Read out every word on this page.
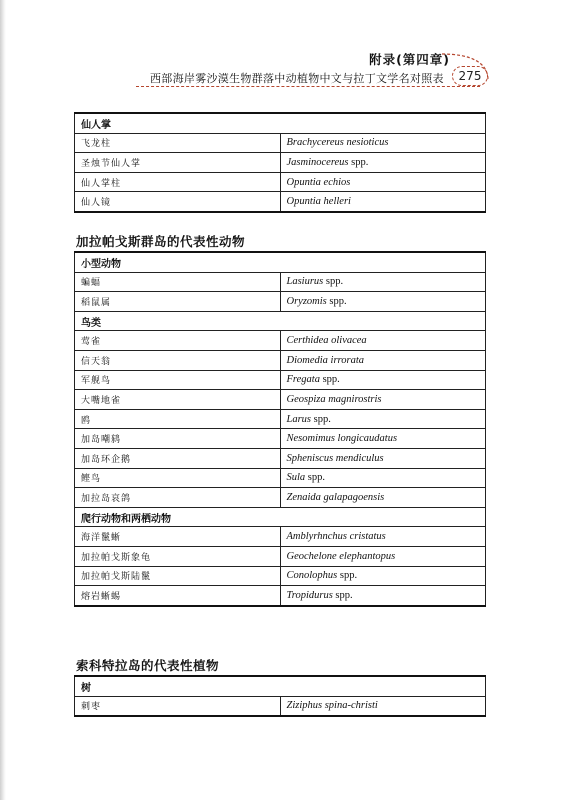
附录(第四章)
西部海岸雾沙漠生物群落中动植物中文与拉丁文学名对照表	275
仙人掌	
飞龙柱	Brachycereus nesioticus
圣烛节仙人掌	Jasminocereus spp.
仙人掌柱	Opuntia echios
仙人镜	Opuntia helleri
加拉帕戈斯群岛的代表性动物
小型动物	
蝙蝠	Lasiurus spp.
稻鼠属	Oryzomis spp.
鸟类	
莺雀	Certhidea olivacea
信天翁	Diomedia irrorata
军舰鸟	Fregata spp.
大嘴地雀	Geospiza magnirostris
鸥	Larus spp.
加岛嘲鸫	Nesomimus longicaudatus
加岛环企鹅	Spheniscus mendiculus
鲣鸟	Sula spp.
加拉岛哀鸽	Zenaida galapagoensis
爬行动物和两栖动物	
海洋鬣蜥	Amblyrhnchus cristatus
加拉帕戈斯象龟	Geochelone elephantopus
加拉帕戈斯陆鬣	Conolophus spp.
熔岩蜥蜴	Tropidurus spp.
索科特拉岛的代表性植物
树
刺枣	Ziziphus spina-christi
